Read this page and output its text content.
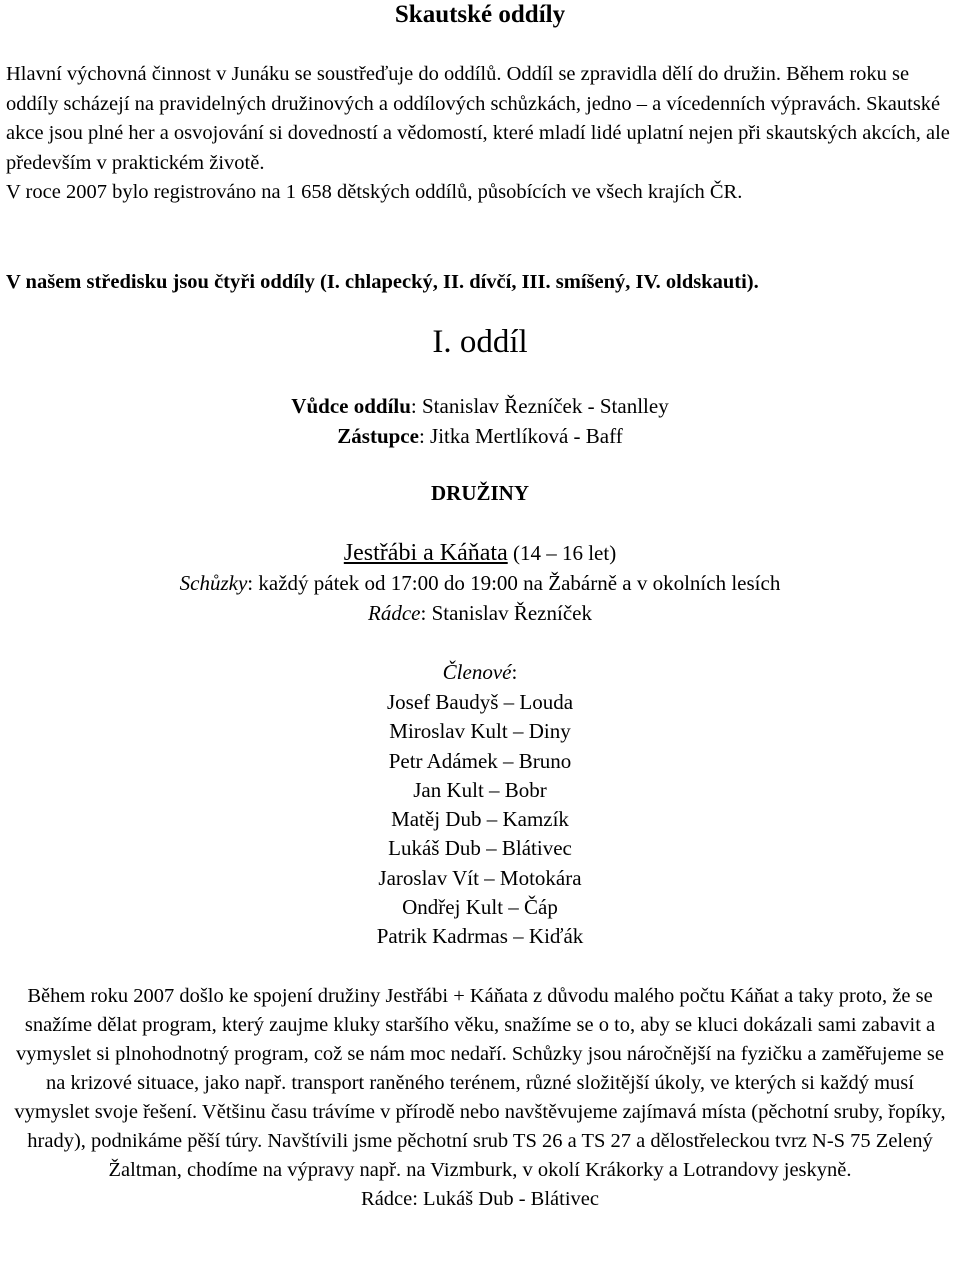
Skautské oddíly

Hlavní výchovná činnost v Junáku se soustřeďuje do oddílů. Oddíl se zpravidla dělí do družin. Během roku se oddíly scházejí na pravidelných družinových a oddílových schůzkách, jedno – a vícedenních výpravách. Skautské akce jsou plné her a osvojování si dovedností a vědomostí, které mladí lidé uplatní nejen při skautských akcích, ale především v praktickém životě.

V roce 2007 bylo registrováno na 1 658 dětských oddílů, působících ve všech krajích ČR.

V našem středisku jsou čtyři oddíly (I. chlapecký, II. dívčí, III. smíšený, IV. oldskauti).
I. oddíl
Vůdce oddílu: Stanislav Řezníček - Stanlley
Zástupce: Jitka Mertlíková - Baff
DRUŽINY
Jestřábi a Káňata (14 – 16 let)
Schůzky: každý pátek od 17:00 do 19:00 na Žabárně a v okolních lesích
Rádce: Stanislav Řezníček
Členové:
Josef Baudyš – Louda
Miroslav Kult – Diny
Petr Adámek – Bruno
Jan Kult – Bobr
Matěj Dub – Kamzík
Lukáš Dub – Blátivec
Jaroslav Vít – Motokára
Ondřej Kult – Čáp
Patrik Kadrmas – Kiďák
Během roku 2007 došlo ke spojení družiny Jestřábi + Káňata z důvodu malého počtu Káňat a taky proto, že se snažíme dělat program, který zaujme kluky staršího věku, snažíme se o to, aby se kluci dokázali sami zabavit a vymyslet si plnohodnotný program, což se nám moc nedaří. Schůzky jsou náročnější na fyzičku a zaměřujeme se na krizové situace, jako např. transport raněného terénem, různé složitější úkoly, ve kterých si každý musí vymyslet svoje řešení. Většinu času trávíme v přírodě nebo navštěvujeme zajímavá místa (pěchotní sruby, řopíky, hrady), podnikáme pěší túry. Navštívili jsme pěchotní srub TS 26 a TS 27 a dělostřeleckou tvrz N-S 75 Zelený Žaltman, chodíme na výpravy např. na Vizmburk, v okolí Krákorky a Lotrandovy jeskyně.
Rádce: Lukáš Dub - Blátivec
